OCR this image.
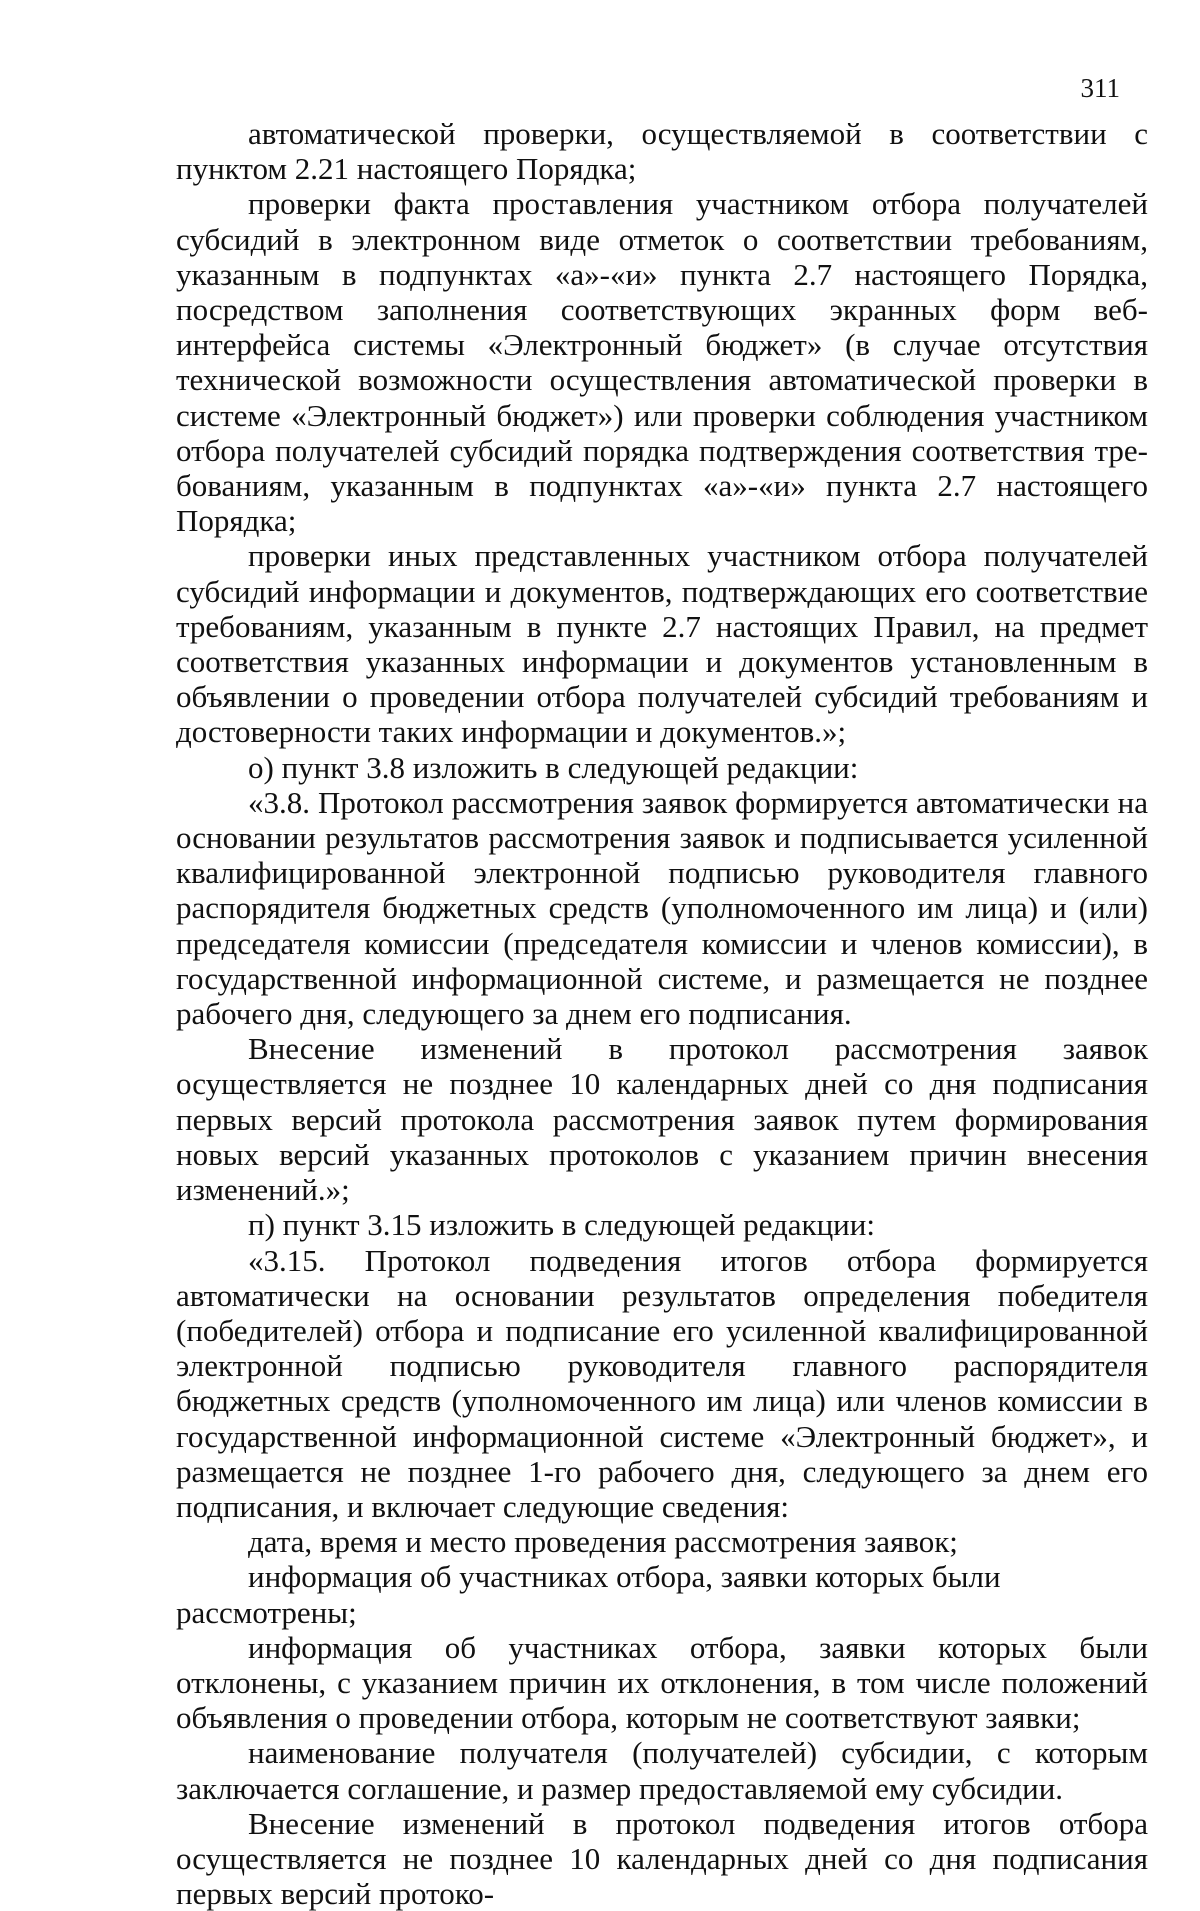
311

автоматической проверки, осуществляемой в соответствии с пунктом 2.21 настоящего Порядка;

проверки факта проставления участником отбора получателей субсидий в электронном виде отметок о соответствии требованиям, указанным в подпунктах «а»-«и» пункта 2.7 настоящего Порядка, посредством заполнения соответствующих экранных форм веб-интерфейса системы «Электронный бюджет» (в случае отсутствия технической возможности осуществления автоматической проверки в системе «Электронный бюджет») или проверки соблюдения участником отбора получателей субсидий порядка подтверждения соответствия требованиям, указанным в подпунктах «а»-«и» пункта 2.7 настоящего Порядка;

проверки иных представленных участником отбора получателей субсидий информации и документов, подтверждающих его соответствие требованиям, указанным в пункте 2.7 настоящих Правил, на предмет соответствия указанных информации и документов установленным в объявлении о проведении отбора получателей субсидий требованиям и достоверности таких информации и документов.»;

о) пункт 3.8 изложить в следующей редакции:

«3.8. Протокол рассмотрения заявок формируется автоматически на основании результатов рассмотрения заявок и подписывается усиленной квалифицированной электронной подписью руководителя главного распорядителя бюджетных средств (уполномоченного им лица) и (или) председателя комиссии (председателя комиссии и членов комиссии), в государственной информационной системе, и размещается не позднее рабочего дня, следующего за днем его подписания.

Внесение изменений в протокол рассмотрения заявок осуществляется не позднее 10 календарных дней со дня подписания первых версий протокола рассмотрения заявок путем формирования новых версий указанных протоколов с указанием причин внесения изменений.»;

п) пункт 3.15 изложить в следующей редакции:

«3.15. Протокол подведения итогов отбора формируется автоматически на основании результатов определения победителя (победителей) отбора и подписание его усиленной квалифицированной электронной подписью руководителя главного распорядителя бюджетных средств (уполномоченного им лица) или членов комиссии в государственной информационной системе «Электронный бюджет», и размещается не позднее 1-го рабочего дня, следующего за днем его подписания, и включает следующие сведения:

дата, время и место проведения рассмотрения заявок;

информация об участниках отбора, заявки которых были рассмотрены;

информация об участниках отбора, заявки которых были отклонены, с указанием причин их отклонения, в том числе положений объявления о проведении отбора, которым не соответствуют заявки;

наименование получателя (получателей) субсидии, с которым заключается соглашение, и размер предоставляемой ему субсидии.

Внесение изменений в протокол подведения итогов отбора осуществляется не позднее 10 календарных дней со дня подписания первых версий протоко-
